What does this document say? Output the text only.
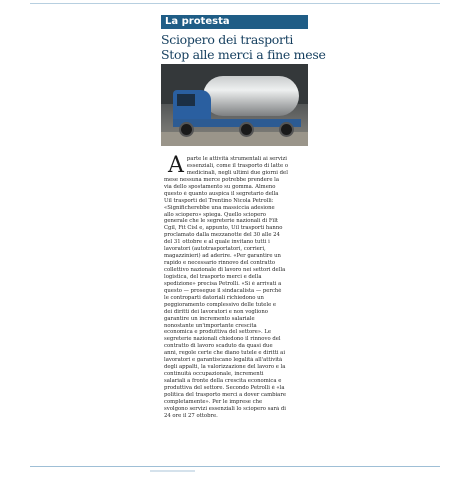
La protesta
Sciopero dei trasporti
Stop alle merci a fine mese
A parte le attività strumentali ai servizi
essenziali, come il trasporto di latte o
medicinali, negli ultimi due giorni del
mese nessuna merce potrebbe prendere la
via dello spostamento su gomma. Almeno
questo è quanto auspica il segretario della
Uil trasporti del Trentino Nicola Petrolli:
«Significherebbe una massiccia adesione
allo sciopero» spiega. Quello sciopero
generale che le segreterie nazionali di Filt
Cgil, Fit Cisl e, appunto, Uil trasporti hanno
proclamato dalla mezzanotte del 30 alle 24
del 31 ottobre e al quale invitano tutti i
lavoratori (autotrasportatori, corrieri,
magazzinieri) ad aderire. «Per garantire un
rapido e necessario rinnovo del contratto
collettivo nazionale di lavoro nei settori della
logistica, del trasporto merci e della
spedizione» precisa Petrolli. «Si è arrivati a
questo — prosegue il sindacalista — perché
le controparti datoriali richiedono un
peggioramento complessivo delle tutele e
dei diritti dei lavoratori e non vogliono
garantire un incremento salariale
nonostante un'importante crescita
economica e produttiva del settore». Le
segreterie nazionali chiedono il rinnovo del
contratto di lavoro scaduto da quasi due
anni, regole certe che diano tutele e diritti ai
lavoratori e garantiscano legalità all'attività
degli appalti, la valorizzazione del lavoro e la
continuità occupazionale, incrementi
salariali a fronte della crescita economica e
produttiva del settore. Secondo Petrolli è «la
politica del trasporto merci a dover cambiare
completamente». Per le imprese che
svolgono servizi essenziali lo sciopero sarà di
24 ore il 27 ottobre.
